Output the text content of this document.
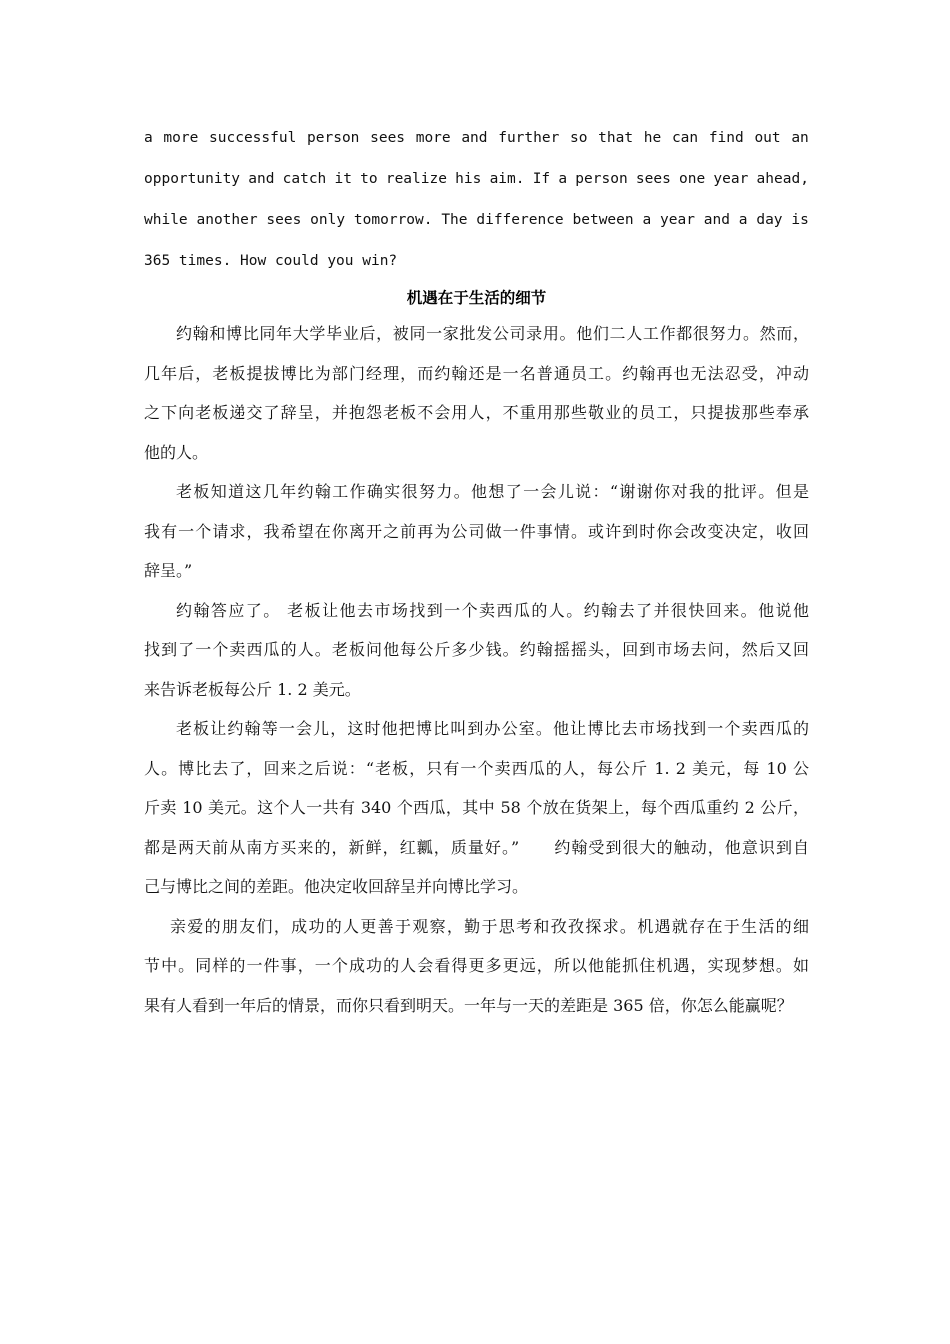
a more successful person sees more and further so that he can find out an
opportunity and catch it to realize his aim. If a person sees one year ahead,
while another sees only tomorrow. The difference between a year and a day is
365 times. How could you win?
机遇在于生活的细节
约翰和博比同年大学毕业后，被同一家批发公司录用。他们二人工作都很努力。然而，
几年后，老板提拔博比为部门经理，而约翰还是一名普通员工。约翰再也无法忍受，冲动
之下向老板递交了辞呈，并抱怨老板不会用人，不重用那些敬业的员工，只提拔那些奉承
他的人。
老板知道这几年约翰工作确实很努力。他想了一会儿说：“谢谢你对我的批评。但是
我有一个请求，我希望在你离开之前再为公司做一件事情。或许到时你会改变决定，收回
辞呈。”
约翰答应了。 老板让他去市场找到一个卖西瓜的人。约翰去了并很快回来。他说他
找到了一个卖西瓜的人。老板问他每公斤多少钱。约翰摇摇头，回到市场去问，然后又回
来告诉老板每公斤 1. 2 美元。
老板让约翰等一会儿，这时他把博比叫到办公室。他让博比去市场找到一个卖西瓜的
人。博比去了，回来之后说：“老板，只有一个卖西瓜的人，每公斤 1. 2 美元，每 10 公
斤卖 10 美元。这个人一共有 340 个西瓜，其中 58 个放在货架上，每个西瓜重约 2 公斤，
都是两天前从南方买来的，新鲜，红瓤，质量好。”　　约翰受到很大的触动，他意识到自
己与博比之间的差距。他决定收回辞呈并向博比学习。
亲爱的朋友们，成功的人更善于观察，勤于思考和孜孜探求。机遇就存在于生活的细
节中。同样的一件事，一个成功的人会看得更多更远，所以他能抓住机遇，实现梦想。如
果有人看到一年后的情景，而你只看到明天。一年与一天的差距是 365 倍，你怎么能赢呢？
